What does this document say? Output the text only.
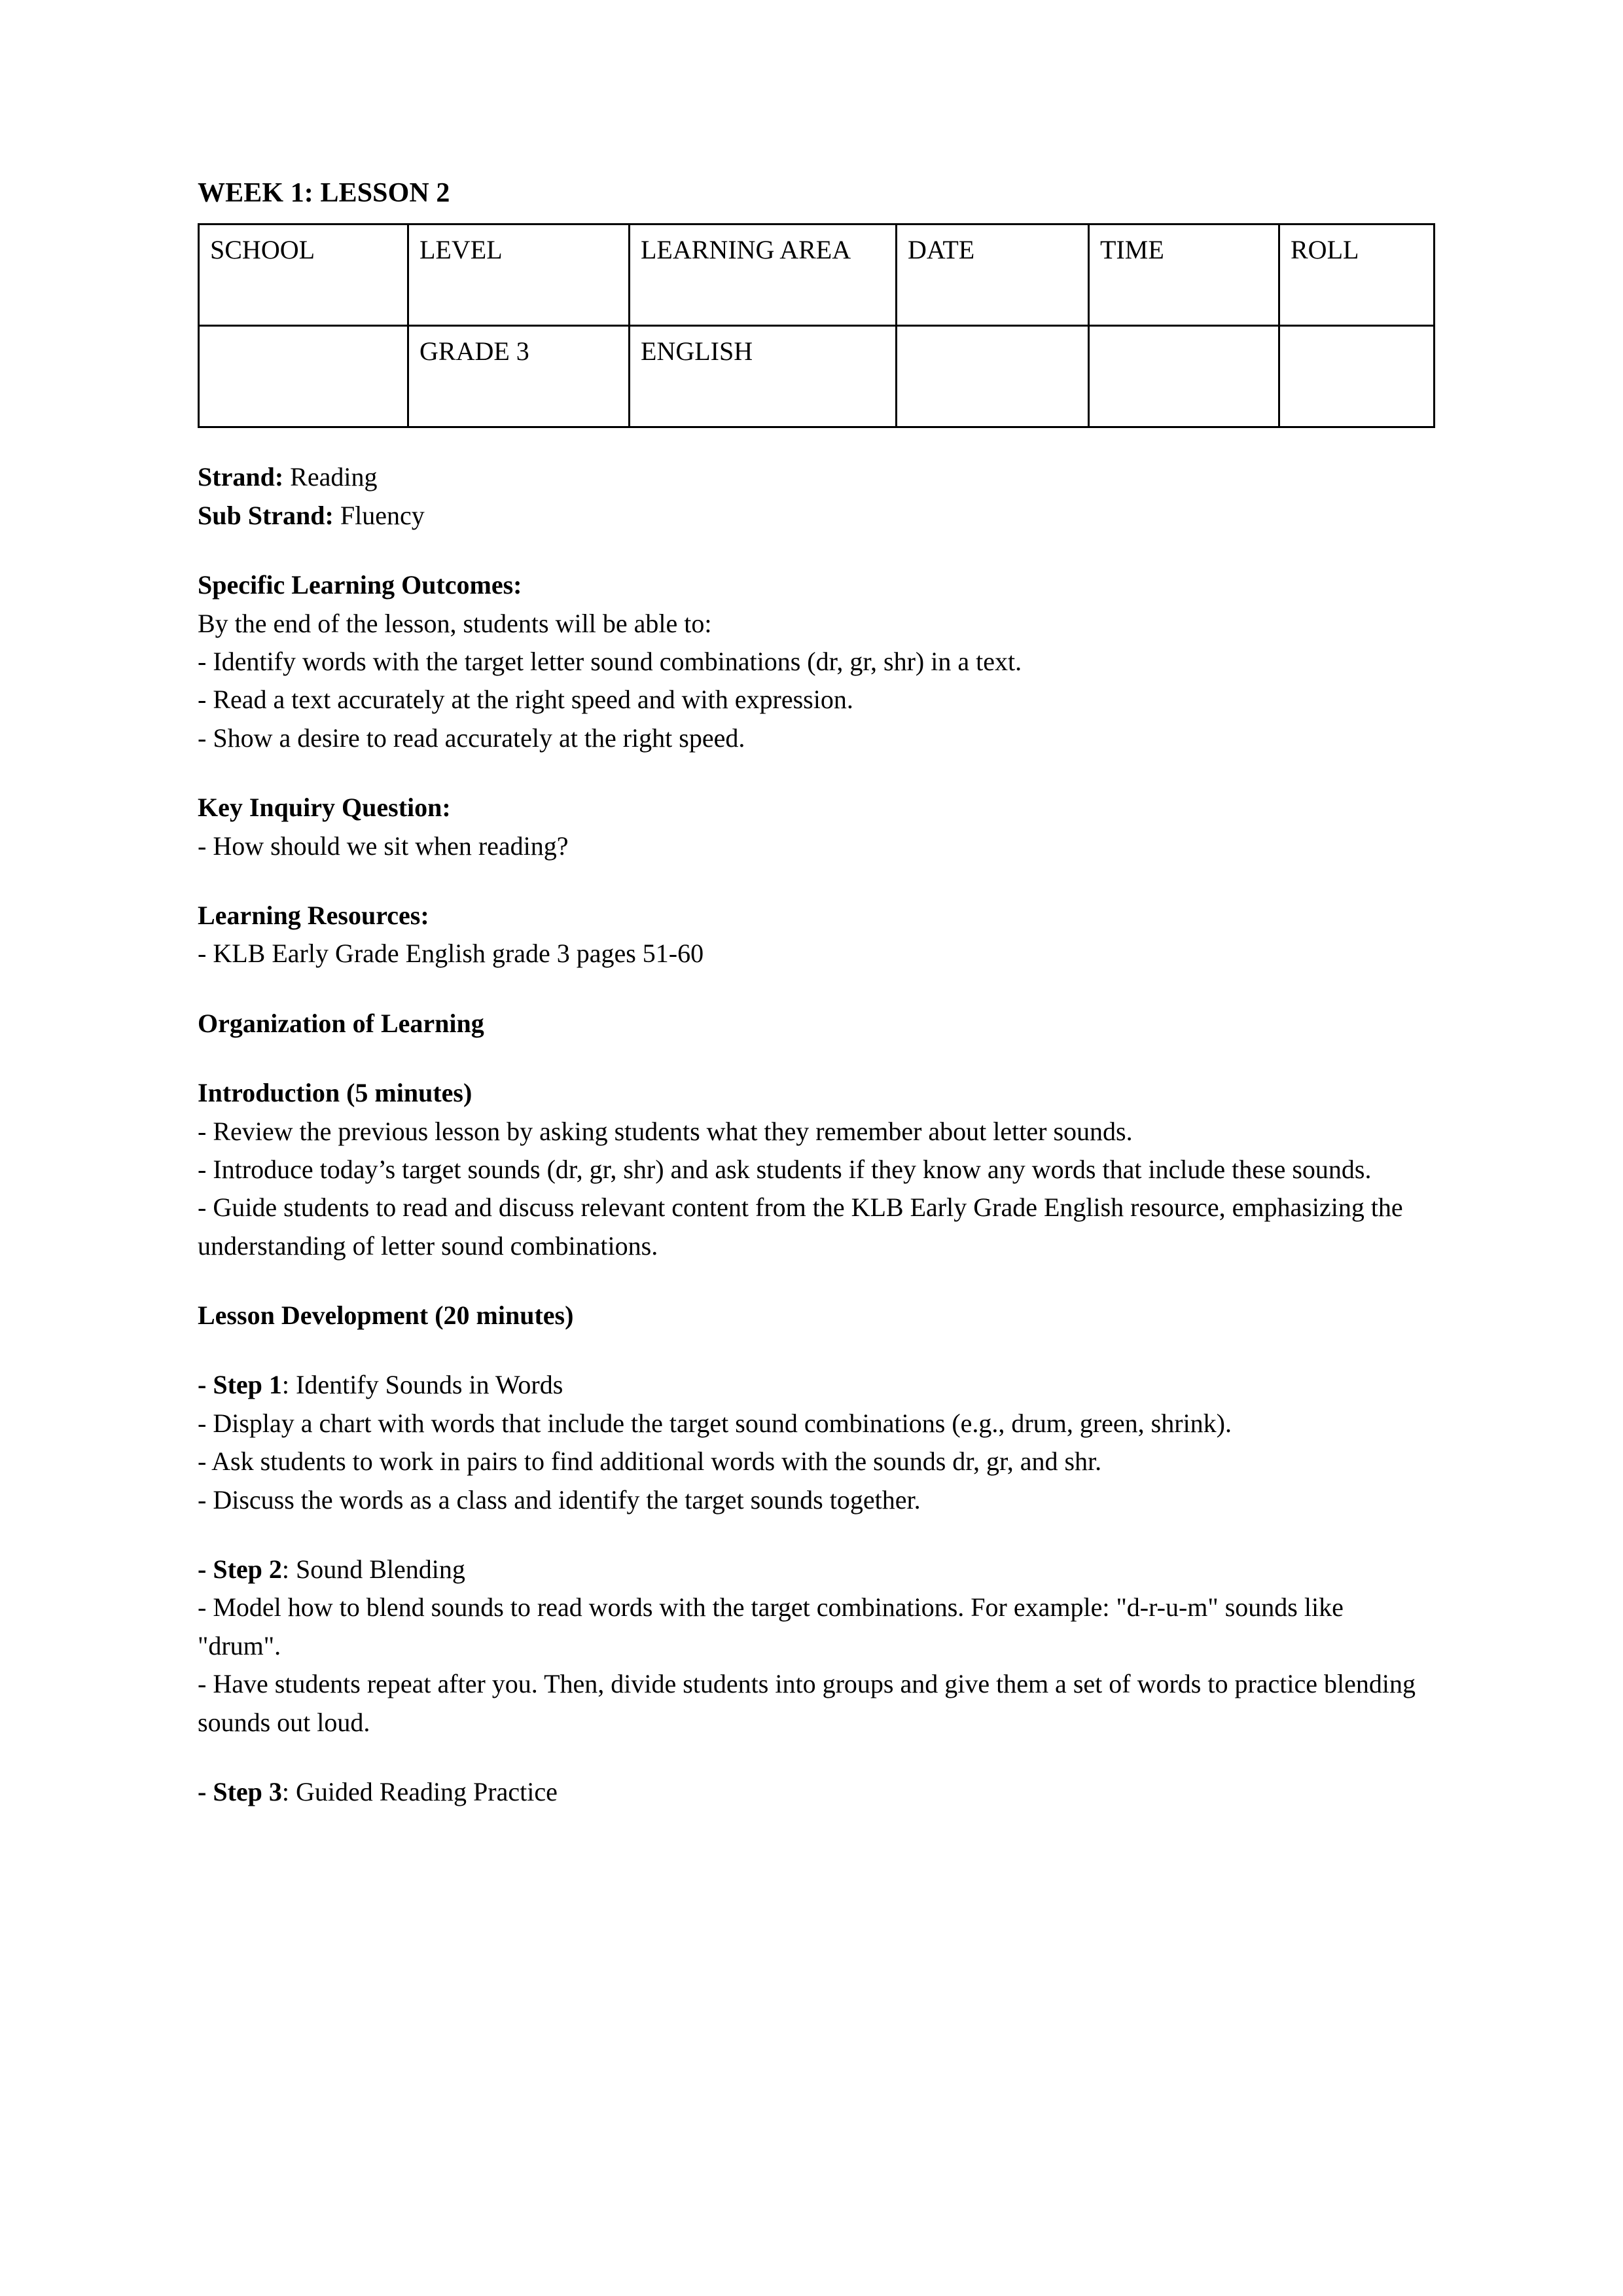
WEEK 1: LESSON 2
SCHOOL	LEVEL	LEARNING AREA	DATE	TIME	ROLL
	GRADE 3	ENGLISH			

Strand: Reading

Sub Strand: Fluency

Specific Learning Outcomes:

By the end of the lesson, students will be able to:

- Identify words with the target letter sound combinations (dr, gr, shr) in a text.

- Read a text accurately at the right speed and with expression.

- Show a desire to read accurately at the right speed.

Key Inquiry Question:

- How should we sit when reading?

Learning Resources:

- KLB Early Grade English grade 3 pages 51-60

Organization of Learning

Introduction (5 minutes)

- Review the previous lesson by asking students what they remember about letter sounds.

- Introduce today’s target sounds (dr, gr, shr) and ask students if they know any words that include these sounds.

- Guide students to read and discuss relevant content from the KLB Early Grade English resource, emphasizing the understanding of letter sound combinations.

Lesson Development (20 minutes)

- Step 1: Identify Sounds in Words

- Display a chart with words that include the target sound combinations (e.g., drum, green, shrink).

- Ask students to work in pairs to find additional words with the sounds dr, gr, and shr.

- Discuss the words as a class and identify the target sounds together.

- Step 2: Sound Blending

- Model how to blend sounds to read words with the target combinations. For example: "d-r-u-m" sounds like "drum".

- Have students repeat after you. Then, divide students into groups and give them a set of words to practice blending sounds out loud.

- Step 3: Guided Reading Practice
